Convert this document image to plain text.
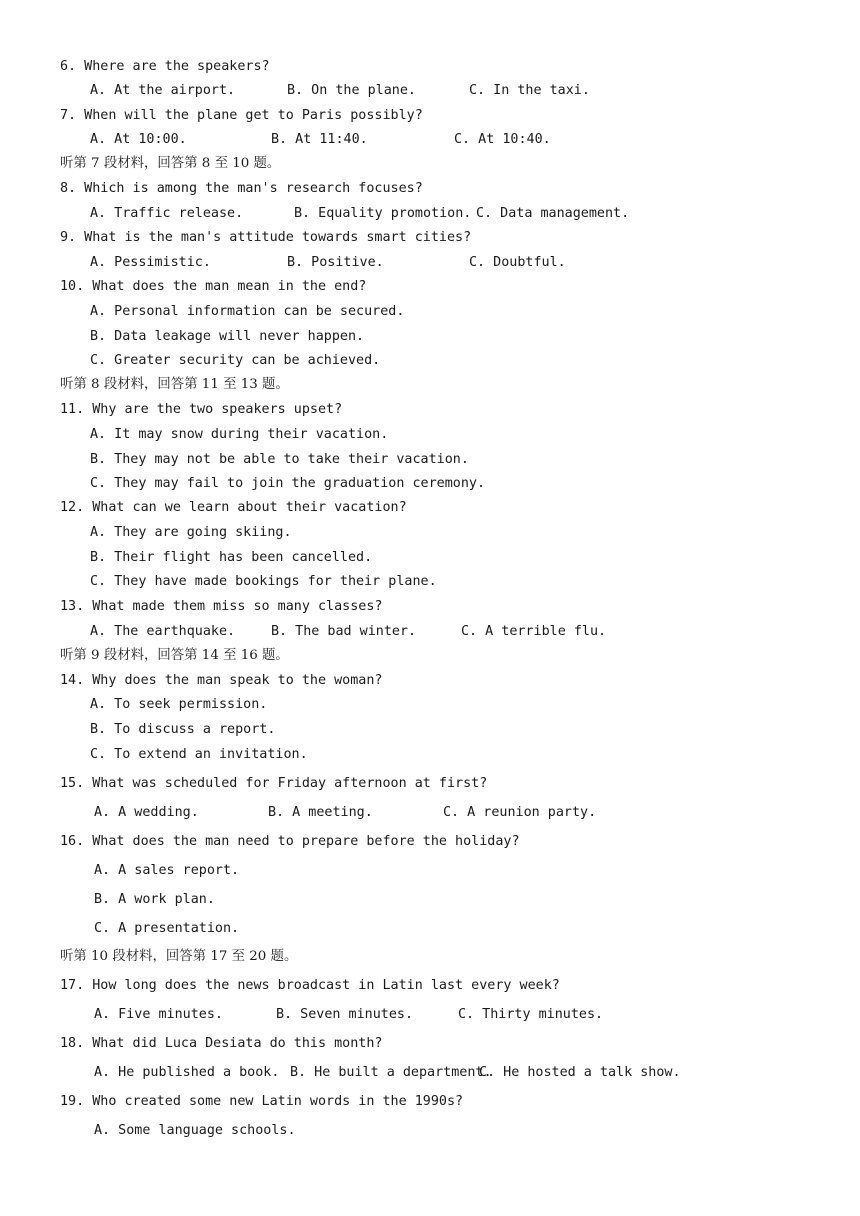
6. Where are the speakers?
A. At the airport.	B. On the plane.	C. In the taxi.
7. When will the plane get to Paris possibly?
A. At 10:00.	B. At 11:40.	C. At 10:40.
听第 7 段材料，回答第 8 至 10 题。
8. Which is among the man's research focuses?
A. Traffic release.	B. Equality promotion. C. Data management.
9. What is the man's attitude towards smart cities?
A. Pessimistic.	B. Positive.	C. Doubtful.
10. What does the man mean in the end?
A. Personal information can be secured.
B. Data leakage will never happen.
C. Greater security can be achieved.
听第 8 段材料，回答第 11 至 13 题。
11. Why are the two speakers upset?
A. It may snow during their vacation.
B. They may not be able to take their vacation.
C. They may fail to join the graduation ceremony.
12. What can we learn about their vacation?
A. They are going skiing.
B. Their flight has been cancelled.
C. They have made bookings for their plane.
13. What made them miss so many classes?
A. The earthquake.	B. The bad winter.	C. A terrible flu.
听第 9 段材料，回答第 14 至 16 题。
14. Why does the man speak to the woman?
A. To seek permission.
B. To discuss a report.
C. To extend an invitation.
15. What was scheduled for Friday afternoon at first?
A. A wedding.	B. A meeting.	C. A reunion party.
16. What does the man need to prepare before the holiday?
A. A sales report.
B. A work plan.
C. A presentation.
听第 10 段材料，回答第 17 至 20 题。
17. How long does the news broadcast in Latin last every week?
A. Five minutes.	B. Seven minutes.	C. Thirty minutes.
18. What did Luca Desiata do this month?
A. He published a book. B. He built a department.
C. He hosted a talk show.
19. Who created some new Latin words in the 1990s?
A. Some language schools.
